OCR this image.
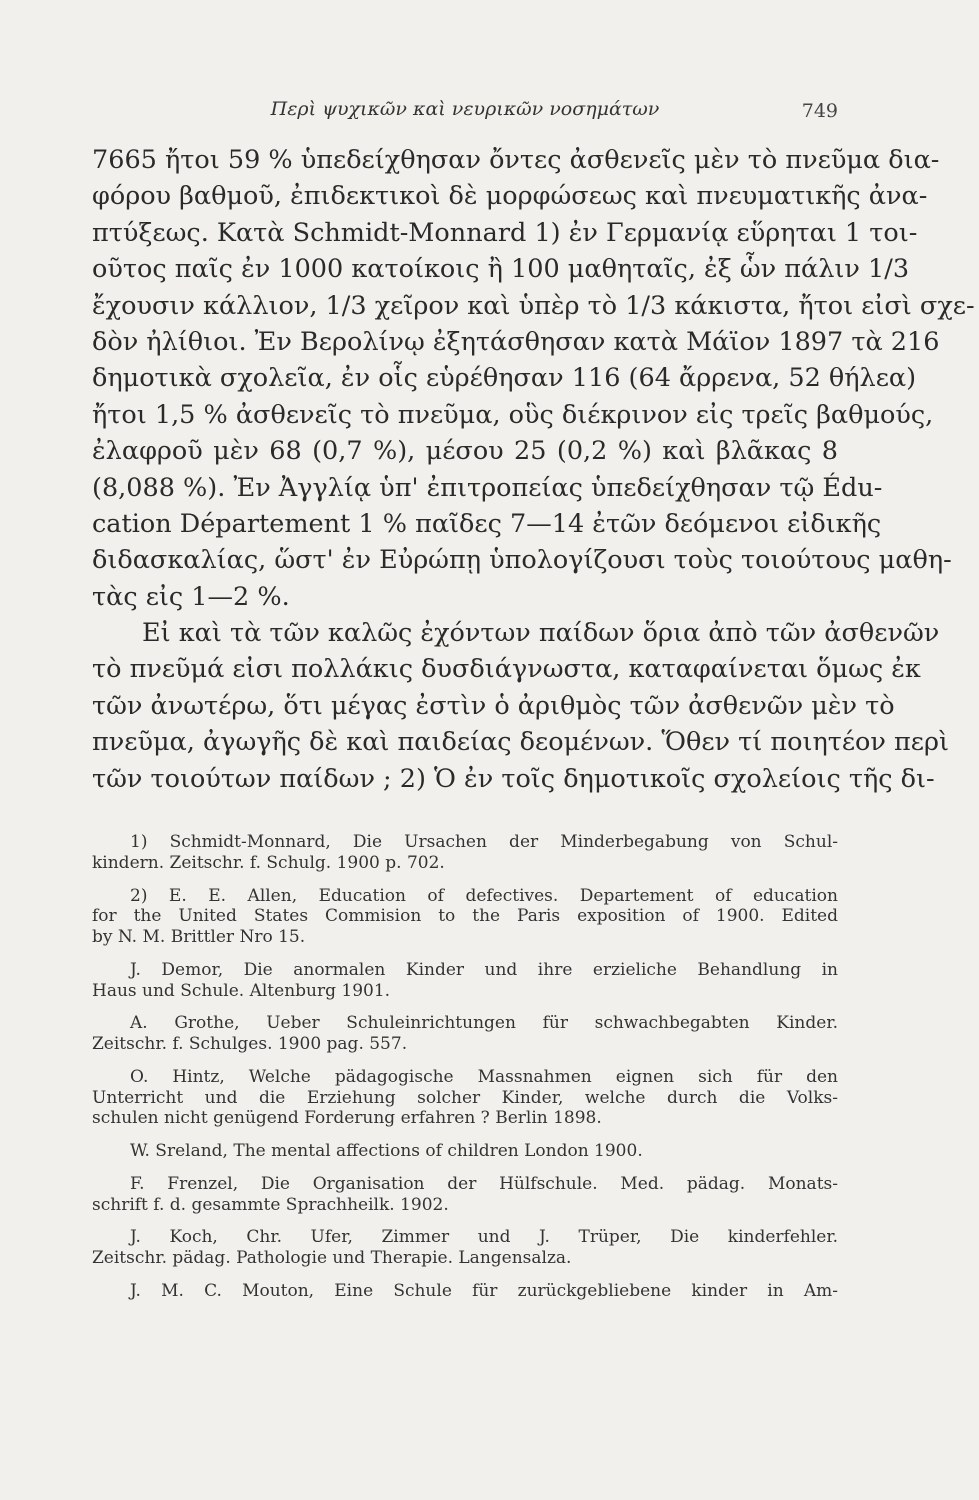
Περὶ ψυχικῶν καὶ νευρικῶν νοσημάτων	749
7665 ἤτοι 59 % ὑπεδείχθησαν ὄντες ἀσθενεῖς μὲν τὸ πνεῦμα δια-
φόρου βαθμοῦ, ἐπιδεκτικοὶ δὲ μορφώσεως καὶ πνευματικῆς ἀνα-
πτύξεως. Κατὰ Schmidt-Monnard 1) ἐν Γερμανίᾳ εὕρηται 1 τοι-
οῦτος παῖς ἐν 1000 κατοίκοις ἢ 100 μαθηταῖς, ἐξ ὧν πάλιν 1/3
ἔχουσιν κάλλιον, 1/3 χεῖρον καὶ ὑπὲρ τὸ 1/3 κάκιστα, ἤτοι εἰσὶ σχε-
δὸν ἠλίθιοι. Ἐν Βερολίνῳ ἐξητάσθησαν κατὰ Μάϊον 1897 τὰ 216
δημοτικὰ σχολεῖα, ἐν οἷς εὑρέθησαν 116 (64 ἄρρενα, 52 θήλεα)
ἤτοι 1,5 % ἀσθενεῖς τὸ πνεῦμα, οὓς διέκρινον εἰς τρεῖς βαθμούς,
ἐλαφροῦ μὲν 68 (0,7 %), μέσου 25 (0,2 %) καὶ βλᾶκας 8
(8,088 %). Ἐν Ἀγγλίᾳ ὑπ' ἐπιτροπείας ὑπεδείχθησαν τῷ Édu-
cation Département 1 % παῖδες 7—14 ἐτῶν δεόμενοι εἰδικῆς
διδασκαλίας, ὥστ' ἐν Εὐρώπῃ ὑπολογίζουσι τοὺς τοιούτους μαθη-
τὰς εἰς 1—2 %.
Εἰ καὶ τὰ τῶν καλῶς ἐχόντων παίδων ὅρια ἀπὸ τῶν ἀσθενῶν
τὸ πνεῦμά εἰσι πολλάκις δυσδιάγνωστα, καταφαίνεται ὅμως ἐκ
τῶν ἀνωτέρω, ὅτι μέγας ἐστὶν ὁ ἀριθμὸς τῶν ἀσθενῶν μὲν τὸ
πνεῦμα, ἀγωγῆς δὲ καὶ παιδείας δεομένων. Ὅθεν τί ποιητέον περὶ
τῶν τοιούτων παίδων ; 2) Ὁ ἐν τοῖς δημοτικοῖς σχολείοις τῆς δι-
1) Schmidt-Monnard, Die Ursachen der Minderbegabung von Schul-
kindern. Zeitschr. f. Schulg. 1900 p. 702.
2) E. E. Allen, Education of defectives. Departement of education
for the United States Commision to the Paris exposition of 1900. Edited
by N. M. Brittler Nro 15.
J. Demor, Die anormalen Kinder und ihre erzieliche Behandlung in
Haus und Schule. Altenburg 1901.
A. Grothe, Ueber Schuleinrichtungen für schwachbegabten Kinder.
Zeitschr. f. Schulges. 1900 pag. 557.
O. Hintz, Welche pädagogische Massnahmen eignen sich für den
Unterricht und die Erziehung solcher Kinder, welche durch die Volks-
schulen nicht genügend Forderung erfahren ? Berlin 1898.
W. Sreland, The mental affections of children London 1900.
F. Frenzel, Die Organisation der Hülfschule. Med. pädag. Monats-
schrift f. d. gesammte Sprachheilk. 1902.
J. Koch, Chr. Ufer, Zimmer und J. Trüper, Die kinderfehler.
Zeitschr. pädag. Pathologie und Therapie. Langensalza.
J. M. C. Mouton, Eine Schule für zurückgebliebene kinder in Am-
